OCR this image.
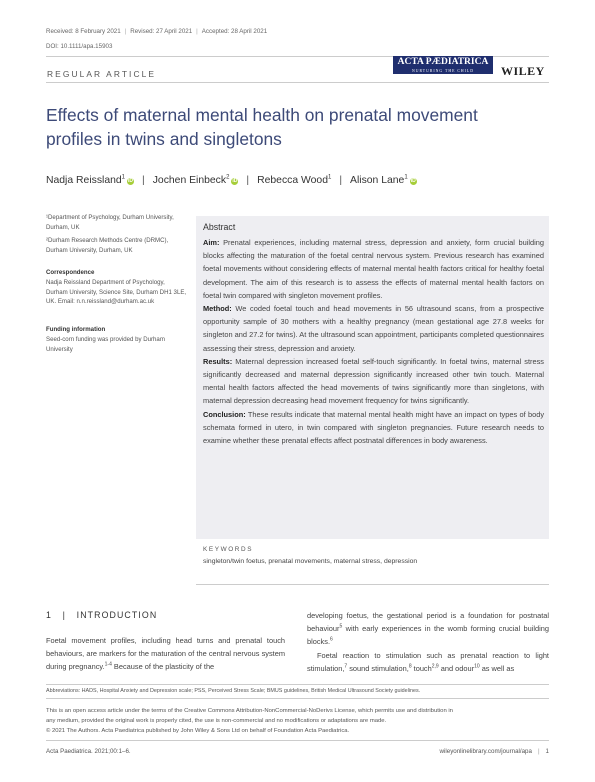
Received: 8 February 2021 | Revised: 27 April 2021 | Accepted: 28 April 2021
DOI: 10.1111/apa.15903
REGULAR ARTICLE
ACTA PÆDIATRICA
NURTURING THE CHILD	WILEY
Effects of maternal mental health on prenatal movement profiles in twins and singletons
Nadja Reissland$^1$iD | Jochen Einbeck$^2$iD | Rebecca Wood$^1$ | Alison Lane$^1$iD
¹Department of Psychology, Durham University, Durham, UK
²Durham Research Methods Centre (DRMC), Durham University, Durham, UK
Correspondence
Nadja Reissland Department of Psychology, Durham University, Science Site, Durham DH1 3LE, UK. Email: n.n.reissland@durham.ac.uk
Funding information
Seed-corn funding was provided by Durham University
Abstract

Aim: Prenatal experiences, including maternal stress, depression and anxiety, form crucial building blocks affecting the maturation of the foetal central nervous system. Previous research has examined foetal movements without considering effects of maternal mental health factors critical for healthy foetal development. The aim of this research is to assess the effects of maternal mental health factors on foetal twin compared with singleton movement profiles.

Method: We coded foetal touch and head movements in 56 ultrasound scans, from a prospective opportunity sample of 30 mothers with a healthy pregnancy (mean gestational age 27.8 weeks for singleton and 27.2 for twins). At the ultrasound scan appointment, participants completed questionnaires assessing their stress, depression and anxiety.

Results: Maternal depression increased foetal self-touch significantly. In foetal twins, maternal stress significantly decreased and maternal depression significantly increased other twin touch. Maternal mental health factors affected the head movements of twins significantly more than singletons, with maternal depression decreasing head movement frequency for twins significantly.

Conclusion: These results indicate that maternal mental health might have an impact on types of body schemata formed in utero, in twin compared with singleton pregnancies. Future research needs to examine whether these prenatal effects affect postnatal differences in body awareness.

KEYWORDS
singleton/twin foetus, prenatal movements, maternal stress, depression
1   |   INTRODUCTION

Foetal movement profiles, including head turns and prenatal touch behaviours, are markers for the maturation of the central nervous system during pregnancy.$^{1-4}$ Because of the plasticity of the

developing foetus, the gestational period is a foundation for postnatal behaviour$^5$ with early experiences in the womb forming crucial building blocks.$^6$

Foetal reaction to stimulation such as prenatal reaction to light stimulation,$^7$ sound stimulation,$^8$ touch$^{2,9}$ and odour$^{10}$ as well as

Abbreviations: HADS, Hospital Anxiety and Depression scale; PSS, Perceived Stress Scale; BMUS guidelines, British Medical Ultrasound Society guidelines.
This is an open access article under the terms of the Creative Commons Attribution-NonCommercial-NoDerivs License, which permits use and distribution in
any medium, provided the original work is properly cited, the use is non-commercial and no modifications or adaptations are made.
© 2021 The Authors. Acta Paediatrica published by John Wiley & Sons Ltd on behalf of Foundation Acta Paediatrica.
Acta Paediatrica. 2021;00:1–6.	wileyonlinelibrary.com/journal/apa | 1
